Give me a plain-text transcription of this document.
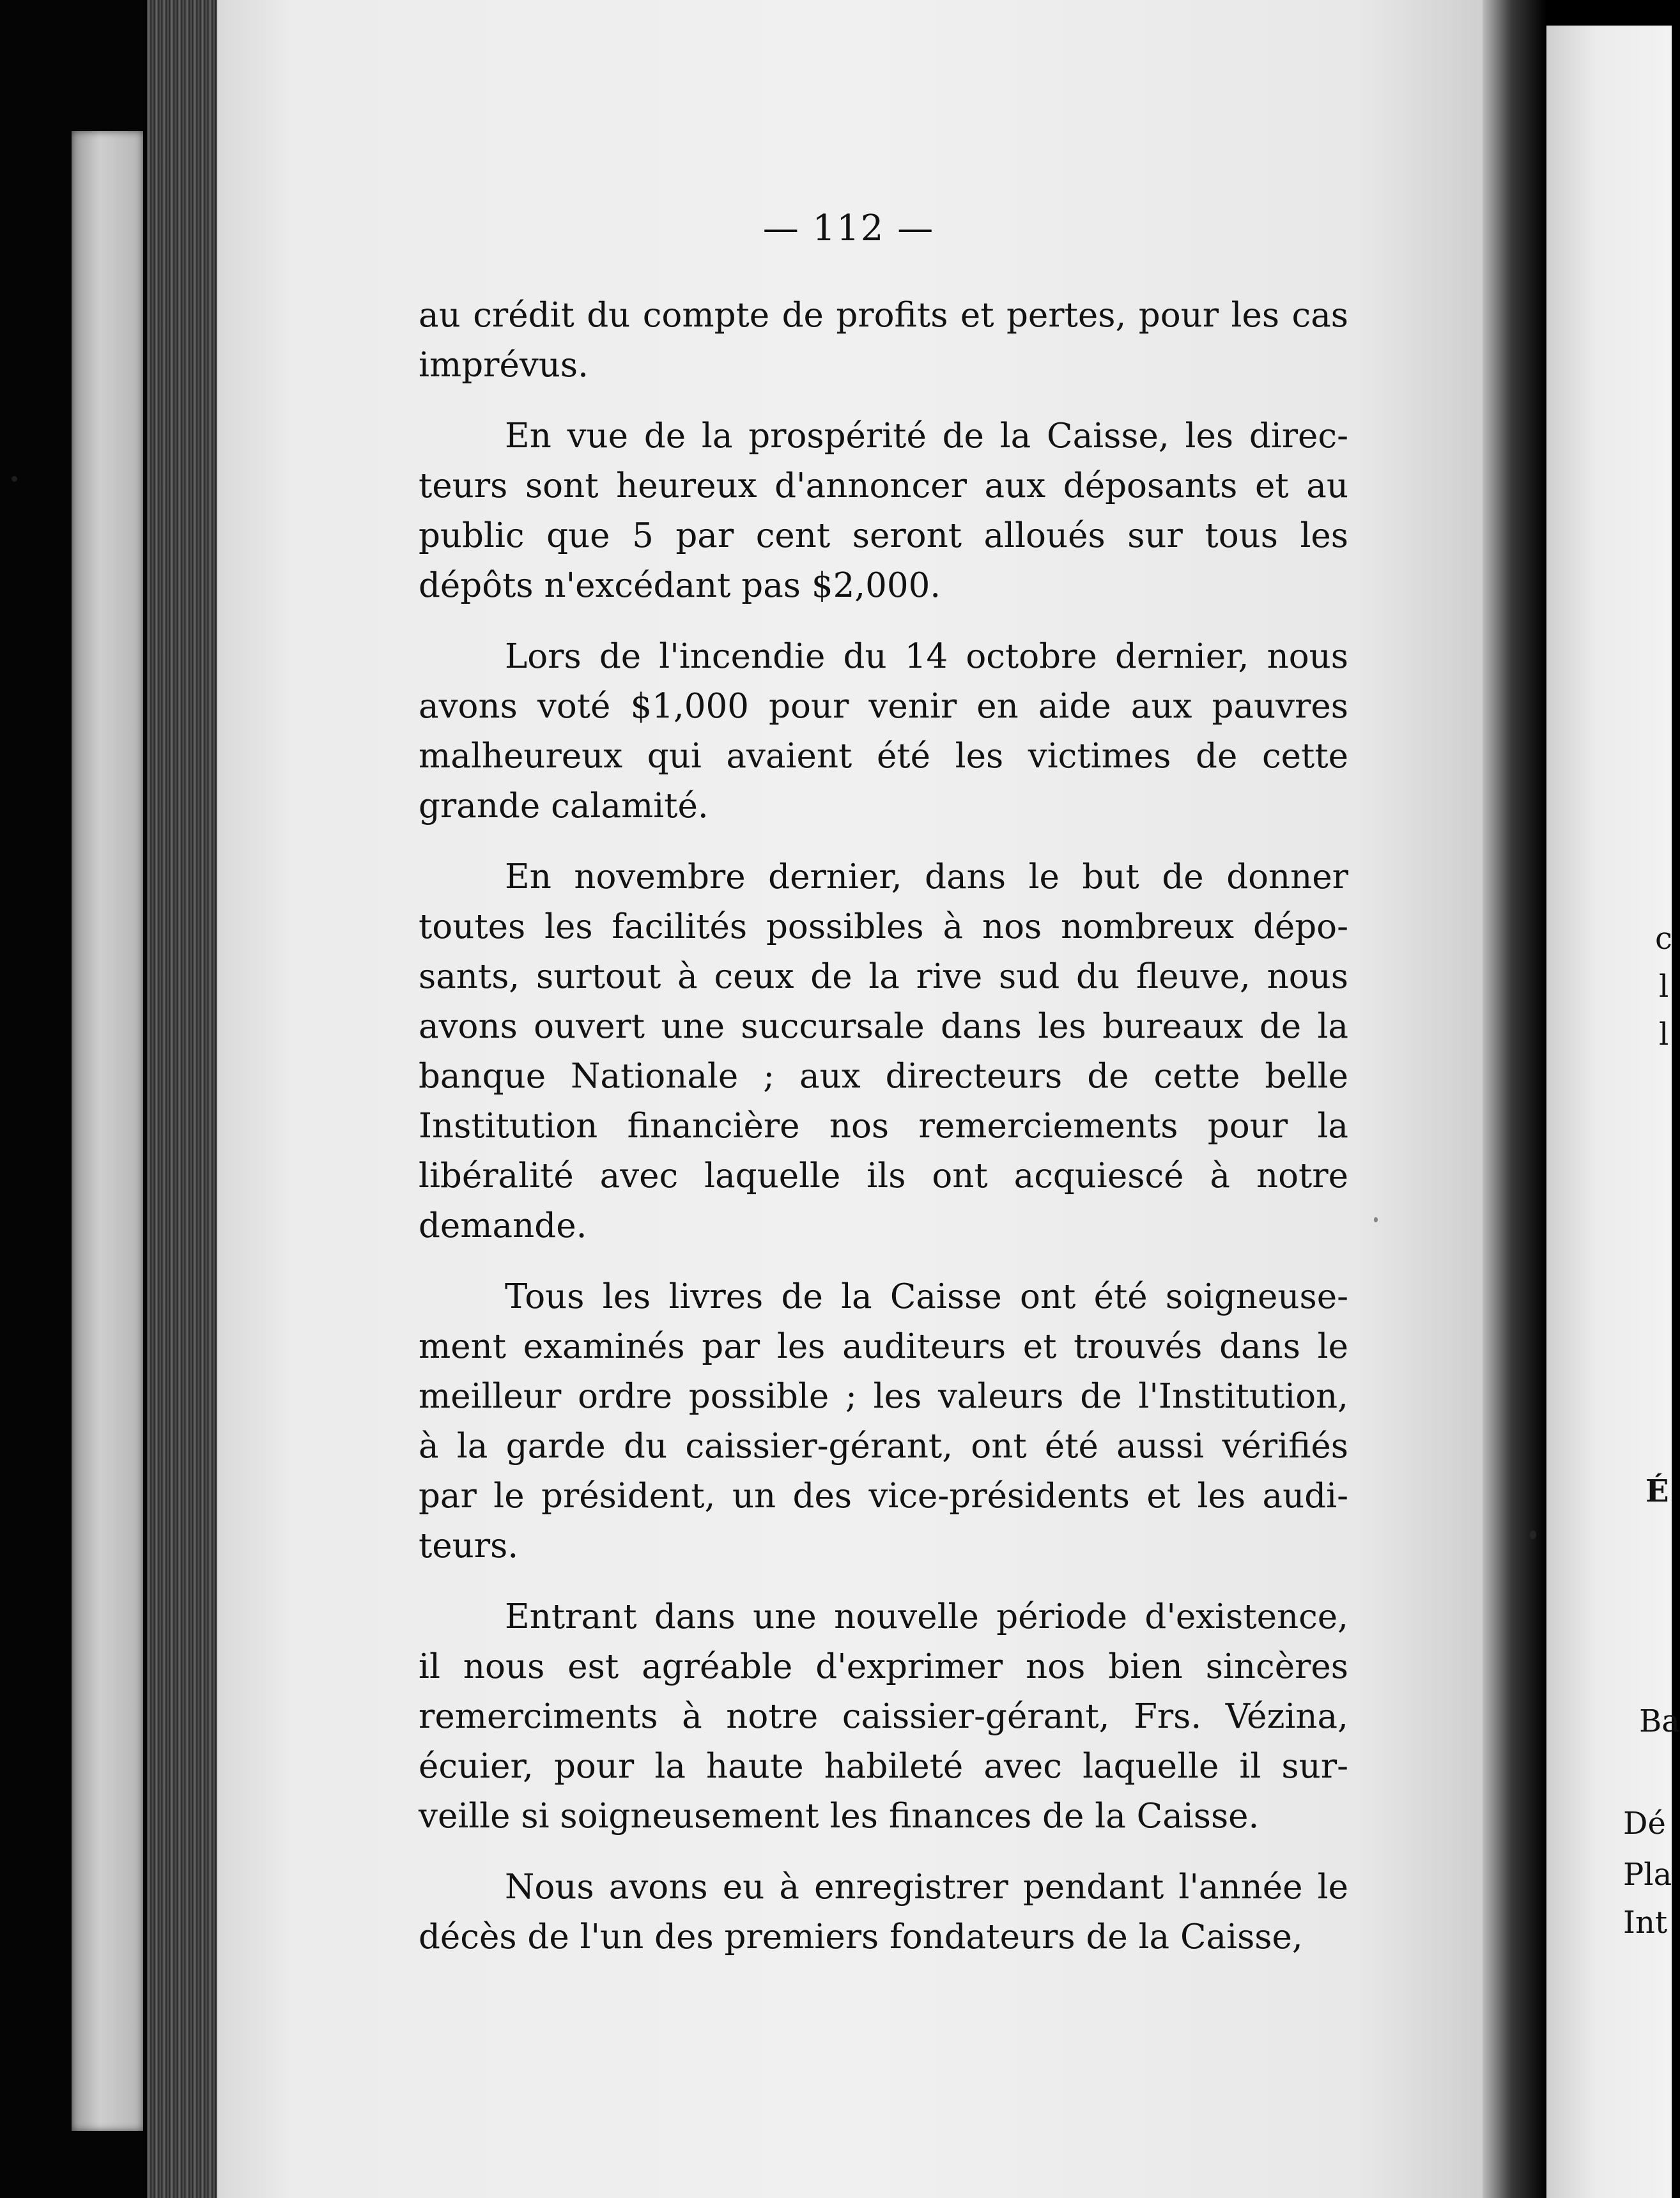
c
l
l
É
Ba
Dé
Pla
Int
— 112 —
au crédit du compte de profits et pertes, pour les cas
imprévus.
En vue de la prospérité de la Caisse, les direc-
teurs sont heureux d'annoncer aux déposants et au
public que 5 par cent seront alloués sur tous les
dépôts n'excédant pas $2,000.
Lors de l'incendie du 14 octobre dernier, nous
avons voté $1,000 pour venir en aide aux pauvres
malheureux qui avaient été les victimes de cette
grande calamité.
En novembre dernier, dans le but de donner
toutes les facilités possibles à nos nombreux dépo-
sants, surtout à ceux de la rive sud du fleuve, nous
avons ouvert une succursale dans les bureaux de la
banque Nationale ; aux directeurs de cette belle
Institution financière nos remerciements pour la
libéralité avec laquelle ils ont acquiescé à notre
demande.
Tous les livres de la Caisse ont été soigneuse-
ment examinés par les auditeurs et trouvés dans le
meilleur ordre possible ; les valeurs de l'Institution,
à la garde du caissier-gérant, ont été aussi vérifiés
par le président, un des vice-présidents et les audi-
teurs.
Entrant dans une nouvelle période d'existence,
il nous est agréable d'exprimer nos bien sincères
remerciments à notre caissier-gérant, Frs. Vézina,
écuier, pour la haute habileté avec laquelle il sur-
veille si soigneusement les finances de la Caisse.
Nous avons eu à enregistrer pendant l'année le
décès de l'un des premiers fondateurs de la Caisse,
